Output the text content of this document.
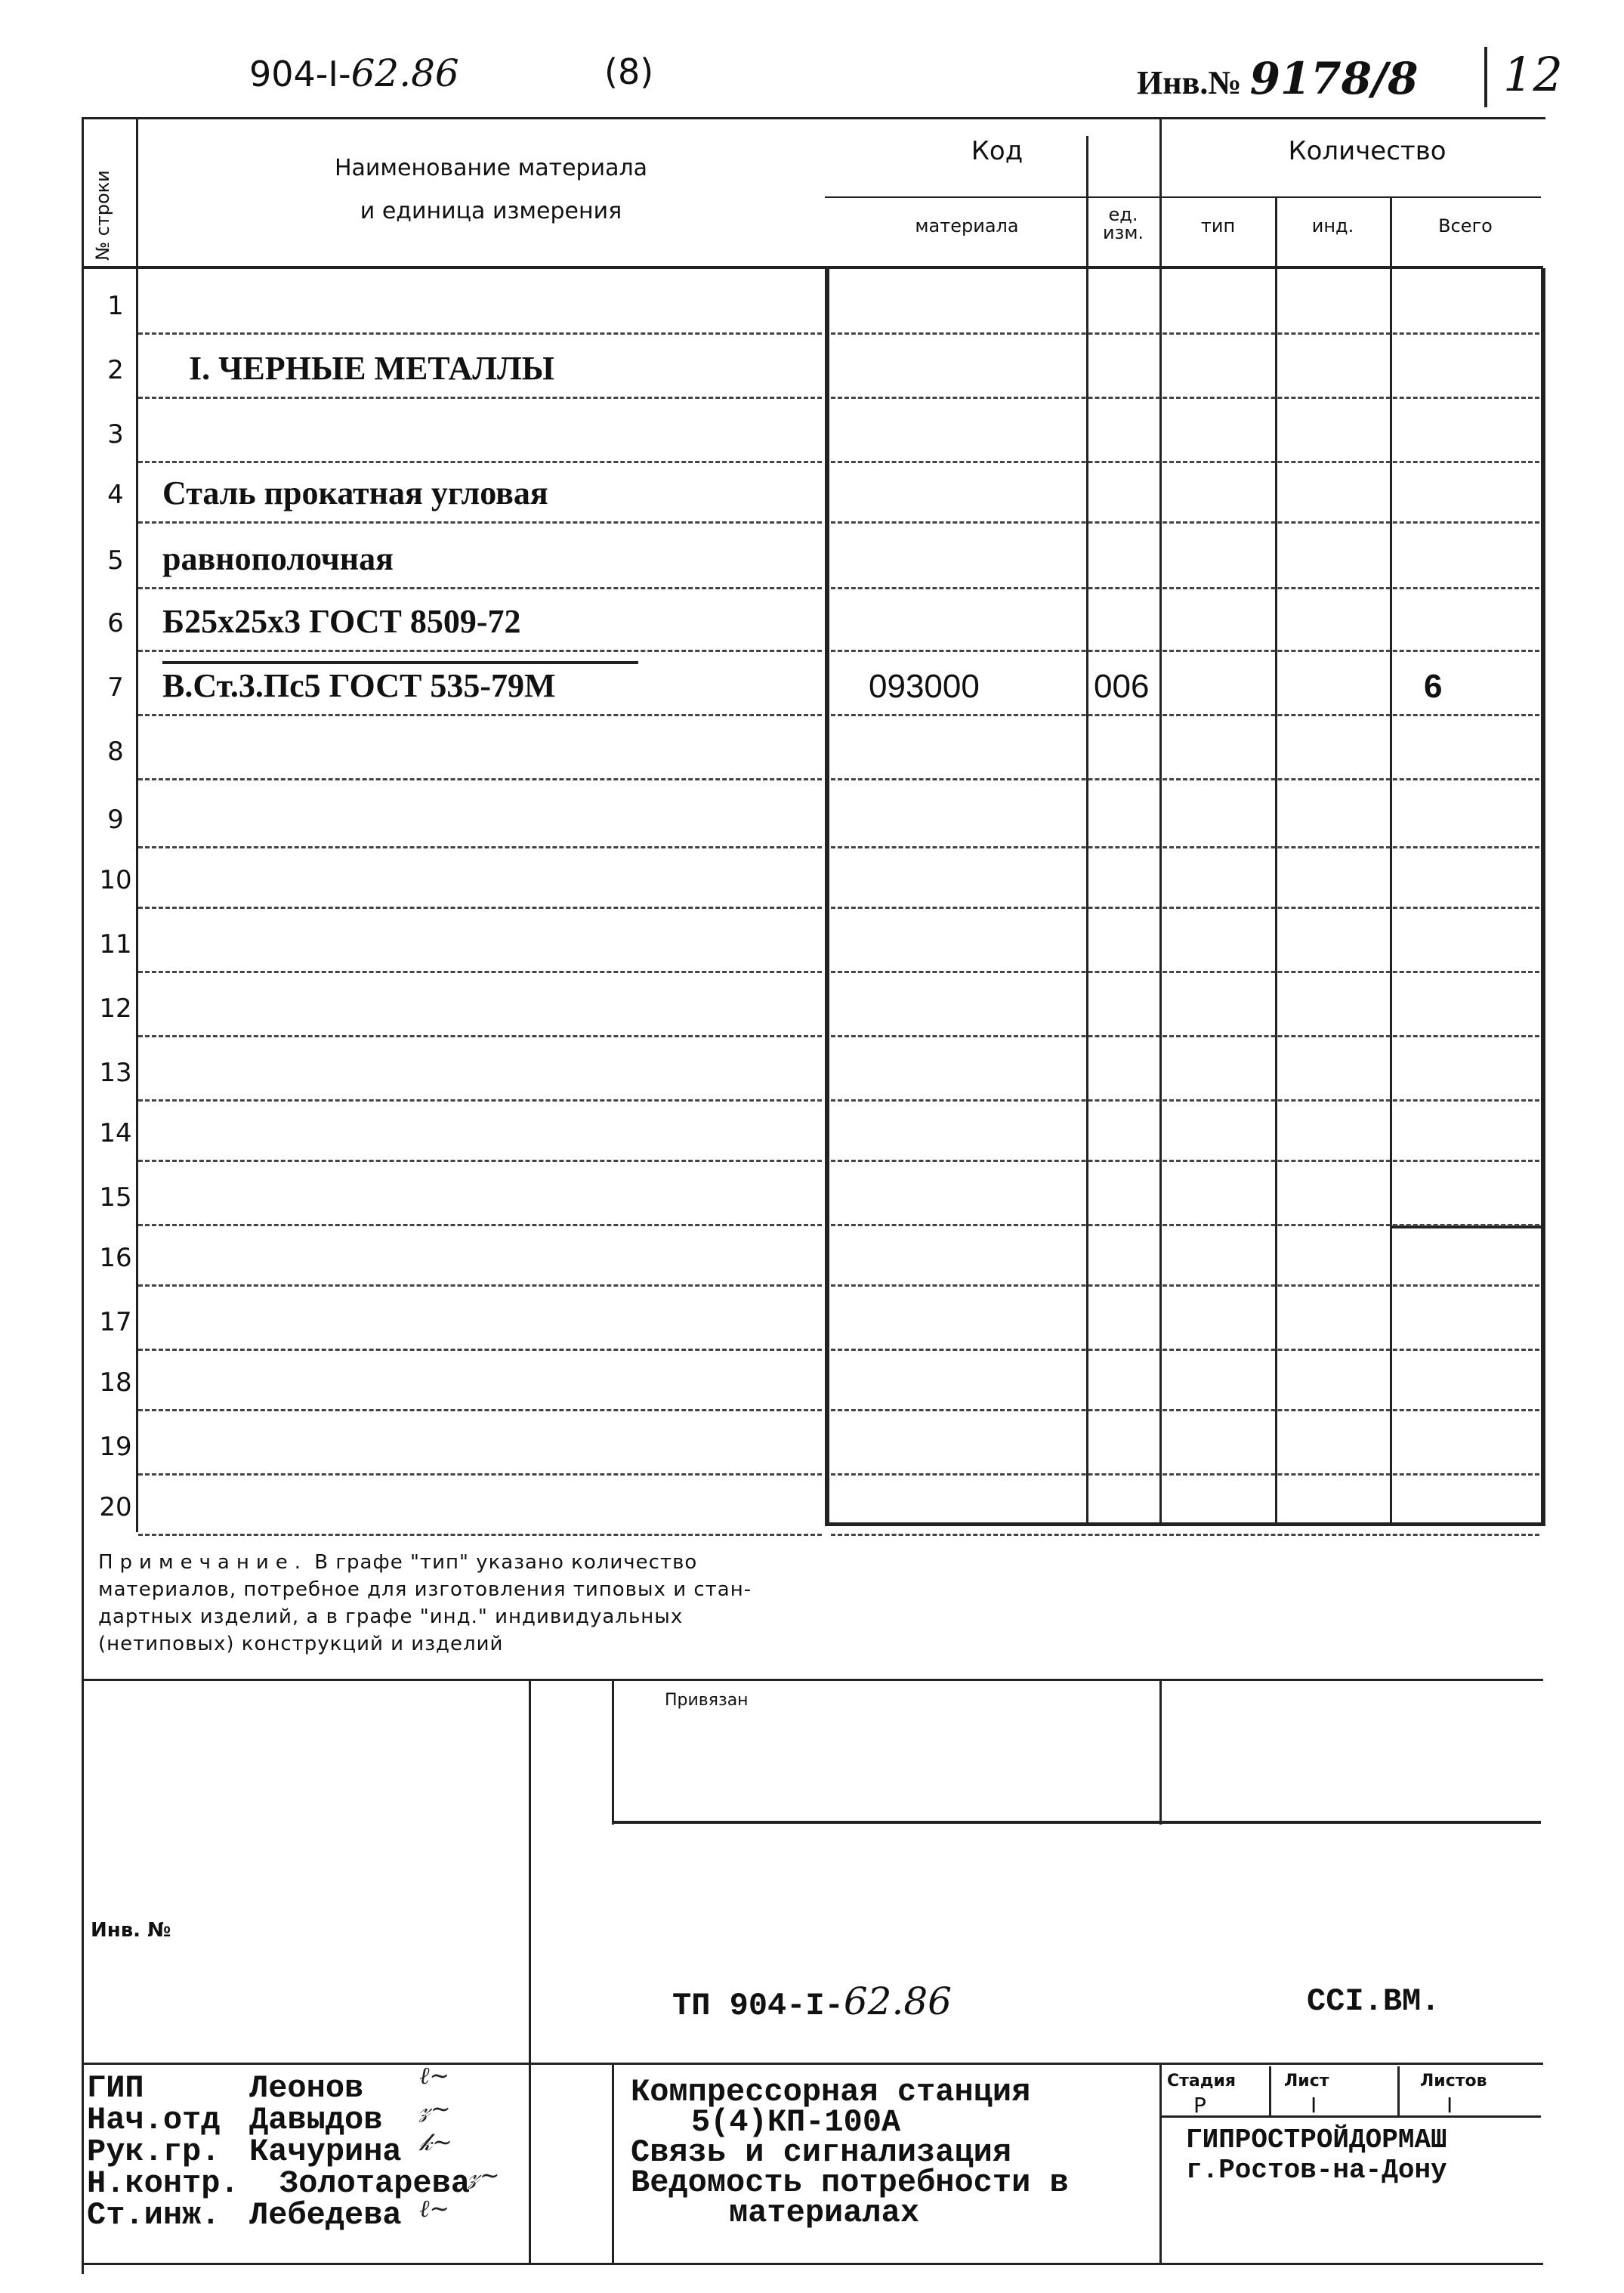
904-I-62.86	(8)	Инв.№ 9178/8 12
Наименование материала
и единица измерения
Код
материала
ед. изм.
Количество
тип	инд.	Всего
№ строки
1
2	I. ЧЕРНЫЕ МЕТАЛЛЫ
3
4	Сталь прокатная угловая
5	равнополочная
6	Б25х25х3 ГОСТ 8509-72
7	В.Ст.3.Пс5 ГОСТ 535-79М	093000	006	6
8
9
10
11
12
13
14
15
16
17
18
19
20
Примечание. В графе "тип" указано количество
материалов, потребное для изготовления типовых и стан-
дартных изделий, а в графе "инд." индивидуальных
(нетиповых) конструкций и изделий
Привязан
Инв. №
ТП 904-I-62.86	ССI.ВМ.
ГИП	Леонов
Нач.отд Давыдов
Рук.гр. Качурина
Н.контр. Золотарева
Ст.инж. Лебедева
ℓ∼
𝓏∼
𝓀∼
𝓏∼
ℓ∼
Компрессорная станция
5(4)КП-100А
Связь и сигнализация
Ведомость потребности в
материалах
Стадия	Лист	Листов
Р	I	I
ГИПРОСТРОЙДОРМАШ
г.Ростов-на-Дону
